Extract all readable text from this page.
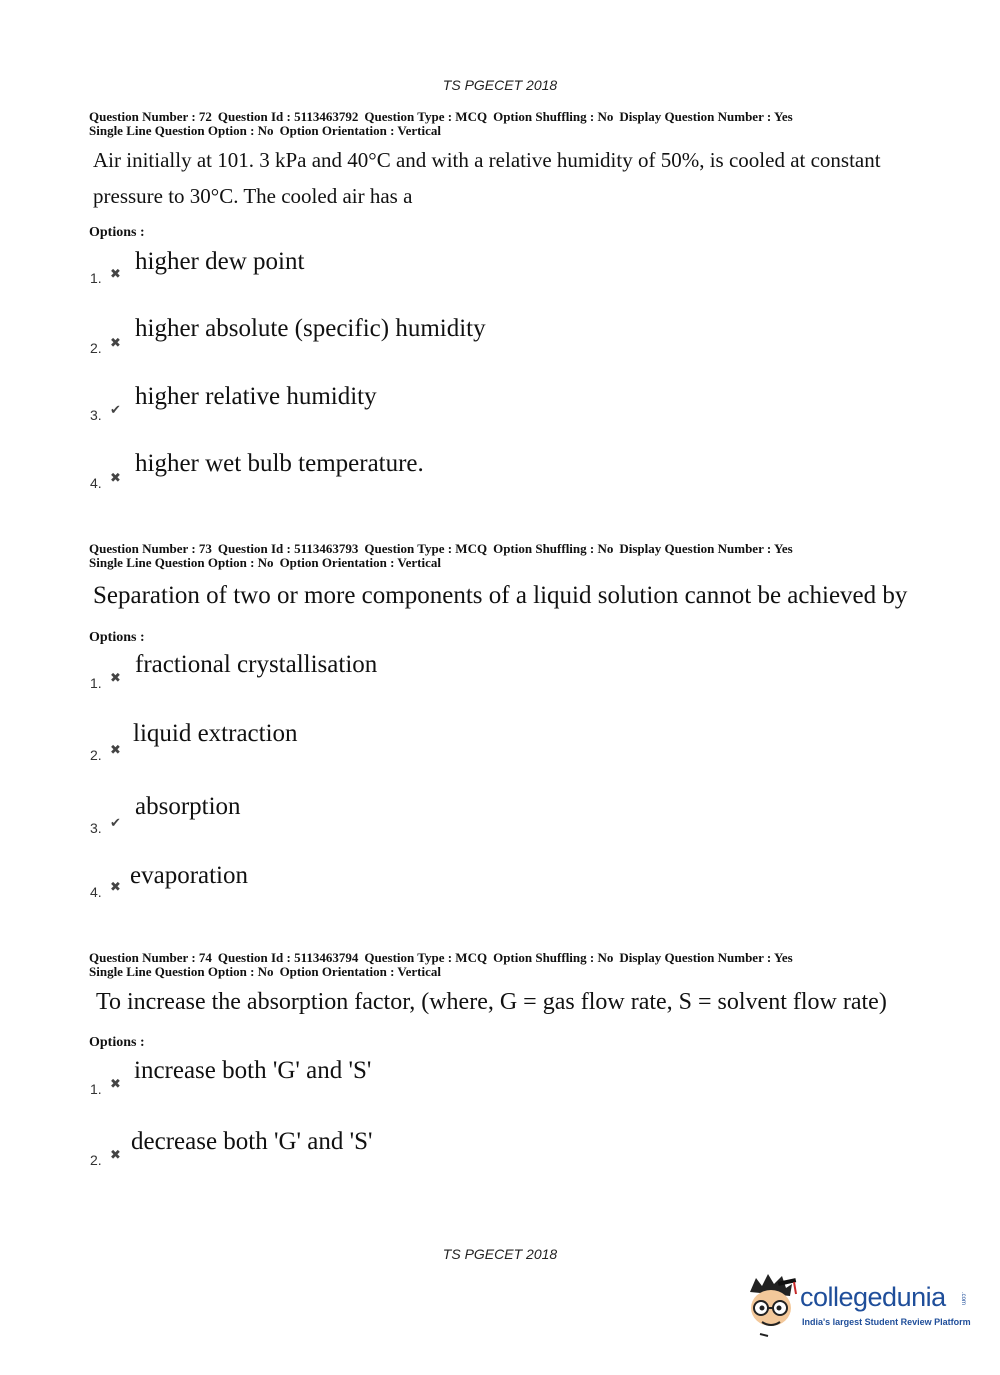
TS PGECET 2018
Question Number : 72 Question Id : 5113463792 Question Type : MCQ Option Shuffling : No Display Question Number : Yes
Single Line Question Option : No Option Orientation : Vertical
Air initially at 101. 3 kPa and 40°C and with a relative humidity of 50%, is cooled at constant
pressure to 30°C. The cooled air has a
Options :
1. ✖ higher dew point
2. ✖
higher absolute (specific) humidity
3. ✔
higher relative humidity
4. ✖
higher wet bulb temperature.
Question Number : 73 Question Id : 5113463793 Question Type : MCQ Option Shuffling : No Display Question Number : Yes
Single Line Question Option : No Option Orientation : Vertical
Separation of two or more components of a liquid solution cannot be achieved by
Options :
1. ✖
fractional crystallisation
2. ✖
liquid extraction
3. ✔
absorption
4. ✖ evaporation
Question Number : 74 Question Id : 5113463794 Question Type : MCQ Option Shuffling : No Display Question Number : Yes
Single Line Question Option : No Option Orientation : Vertical
To increase the absorption factor, (where, G = gas flow rate, S = solvent flow rate)
Options :
1. ✖
increase both 'G' and 'S'
2. ✖
decrease both 'G' and 'S'
TS PGECET 2018
collegedunia .com
India's largest Student Review Platform
